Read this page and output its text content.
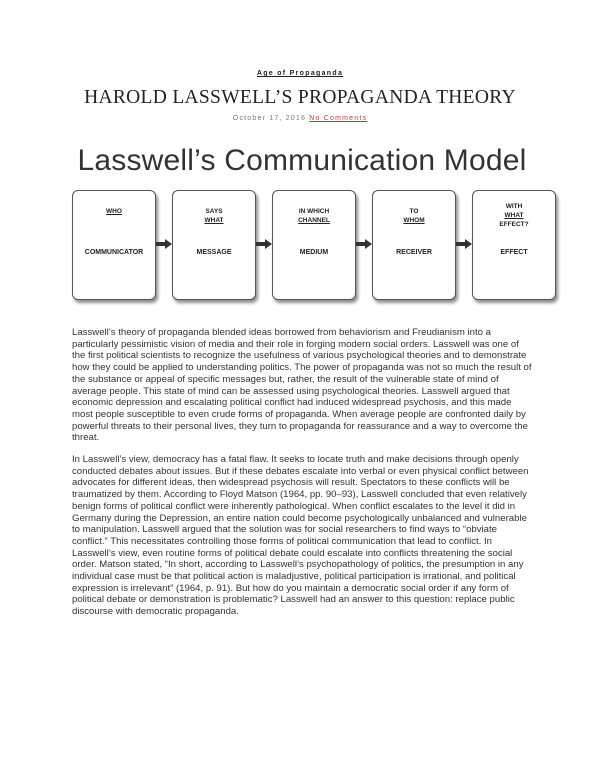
Age of Propaganda
HAROLD LASSWELL’S PROPAGANDA THEORY
October 17, 2016 No Comments
Lasswell’s Communication Model
WHO
COMMUNICATOR
SAYS
WHAT
MESSAGE
IN WHICH
CHANNEL
MEDIUM
TO
WHOM
RECEIVER
WITH
WHAT
EFFECT?
EFFECT

Lasswell’s theory of propaganda blended ideas borrowed from behaviorism and Freudianism into a particularly pessimistic vision of media and their role in forging modern social orders. Lasswell was one of the first political scientists to recognize the usefulness of various psychological theories and to demonstrate how they could be applied to understanding politics. The power of propaganda was not so much the result of the substance or appeal of specific messages but, rather, the result of the vulnerable state of mind of average people. This state of mind can be assessed using psychological theories. Lasswell argued that economic depression and escalating political conflict had induced widespread psychosis, and this made most people susceptible to even crude forms of propaganda. When average people are confronted daily by powerful threats to their personal lives, they turn to propaganda for reassurance and a way to overcome the threat.

In Lasswell’s view, democracy has a fatal flaw. It seeks to locate truth and make decisions through openly conducted debates about issues. But if these debates escalate into verbal or even physical conflict between advocates for different ideas, then widespread psychosis will result. Spectators to these conflicts will be traumatized by them. According to Floyd Matson (1964, pp. 90–93), Lasswell concluded that even relatively benign forms of political conflict were inherently pathological. When conflict escalates to the level it did in Germany during the Depression, an entire nation could become psychologically unbalanced and vulnerable to manipulation. Lasswell argued that the solution was for social researchers to find ways to “obviate conflict.” This necessitates controlling those forms of political communication that lead to conflict. In Lasswell’s view, even routine forms of political debate could escalate into conflicts threatening the social order. Matson stated, “In short, according to Lasswell’s psychopathology of politics, the presumption in any individual case must be that political action is maladjustive, political participation is irrational, and political expression is irrelevant” (1964, p. 91). But how do you maintain a democratic social order if any form of political debate or demonstration is problematic? Lasswell had an answer to this question: replace public discourse with democratic propaganda.
